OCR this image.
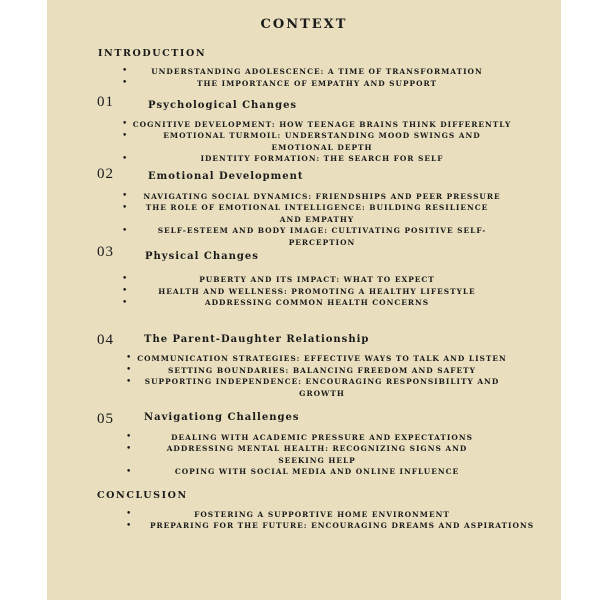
CONTEXT
INTRODUCTION
•	UNDERSTANDING ADOLESCENCE: A TIME OF TRANSFORMATION
•	THE IMPORTANCE OF EMPATHY AND SUPPORT
01	Psychological Changes
• COGNITIVE DEVELOPMENT: HOW TEENAGE BRAINS THINK DIFFERENTLY
•	EMOTIONAL TURMOIL: UNDERSTANDING MOOD SWINGS AND EMOTIONAL DEPTH
•	IDENTITY FORMATION: THE SEARCH FOR SELF
02	Emotional Development
•	NAVIGATING SOCIAL DYNAMICS: FRIENDSHIPS AND PEER PRESSURE
•	THE ROLE OF EMOTIONAL INTELLIGENCE: BUILDING RESILIENCE AND EMPATHY
•	SELF-ESTEEM AND BODY IMAGE: CULTIVATING POSITIVE SELF-PERCEPTION
03	Physical Changes
•	PUBERTY AND ITS IMPACT: WHAT TO EXPECT
•	HEALTH AND WELLNESS: PROMOTING A HEALTHY LIFESTYLE
•	ADDRESSING COMMON HEALTH CONCERNS
04	The Parent-Daughter Relationship
• COMMUNICATION STRATEGIES: EFFECTIVE WAYS TO TALK AND LISTEN
•	SETTING BOUNDARIES: BALANCING FREEDOM AND SAFETY
•	SUPPORTING INDEPENDENCE: ENCOURAGING RESPONSIBILITY AND GROWTH
05	Navigationg Challenges
•	DEALING WITH ACADEMIC PRESSURE AND EXPECTATIONS
•	ADDRESSING MENTAL HEALTH: RECOGNIZING SIGNS AND SEEKING HELP
•	COPING WITH SOCIAL MEDIA AND ONLINE INFLUENCE
CONCLUSION
•	FOSTERING A SUPPORTIVE HOME ENVIRONMENT
•	PREPARING FOR THE FUTURE: ENCOURAGING DREAMS AND ASPIRATIONS
